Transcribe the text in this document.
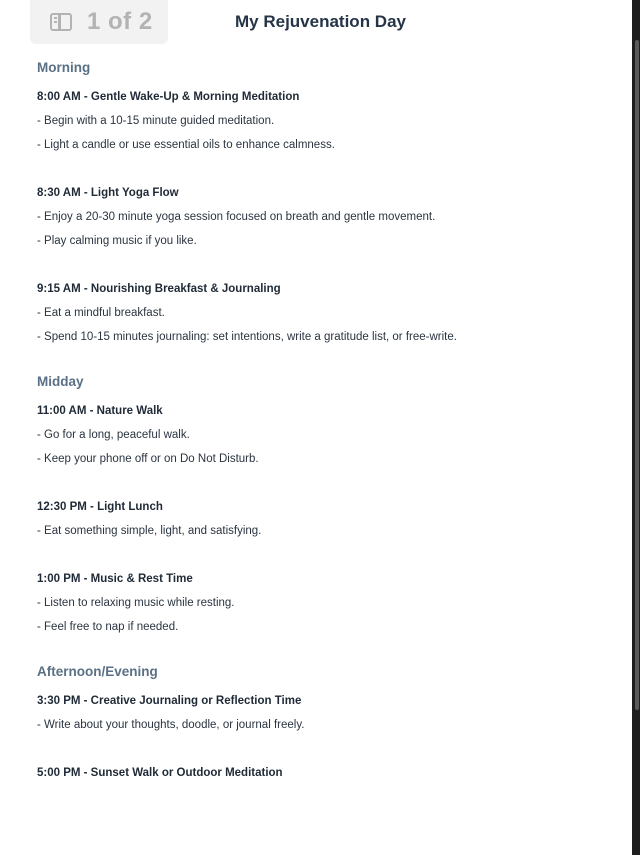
1 of 2	My Rejuvenation Day
Morning

8:00 AM - Gentle Wake-Up & Morning Meditation

- Begin with a 10-15 minute guided meditation.

- Light a candle or use essential oils to enhance calmness.

8:30 AM - Light Yoga Flow

- Enjoy a 20-30 minute yoga session focused on breath and gentle movement.

- Play calming music if you like.

9:15 AM - Nourishing Breakfast & Journaling

- Eat a mindful breakfast.

- Spend 10-15 minutes journaling: set intentions, write a gratitude list, or free-write.

Midday

11:00 AM - Nature Walk

- Go for a long, peaceful walk.

- Keep your phone off or on Do Not Disturb.

12:30 PM - Light Lunch

- Eat something simple, light, and satisfying.

1:00 PM - Music & Rest Time

- Listen to relaxing music while resting.

- Feel free to nap if needed.

Afternoon/Evening

3:30 PM - Creative Journaling or Reflection Time

- Write about your thoughts, doodle, or journal freely.

5:00 PM - Sunset Walk or Outdoor Meditation
